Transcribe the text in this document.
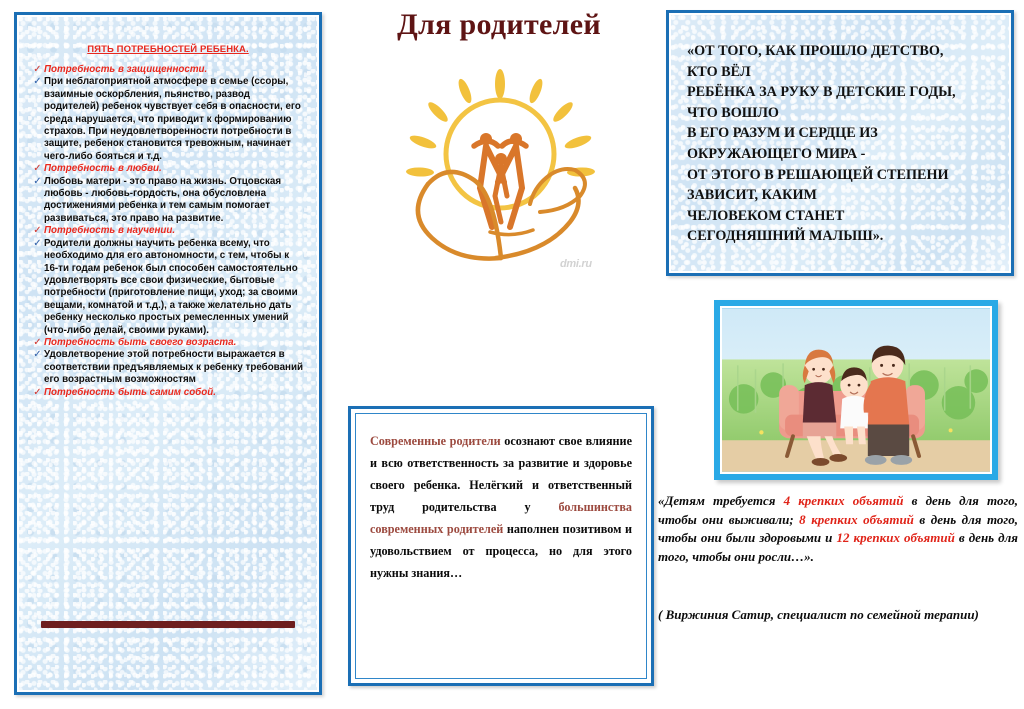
ПЯТЬ ПОТРЕБНОСТЕЙ РЕБЕНКА.
✓ Потребность в защищенности.
✓ При неблагоприятной атмосфере в семье (ссоры, взаимные оскорбления, пьянство, развод родителей) ребенок чувствует себя в опасности, его среда нарушается, что приводит к формированию страхов. При неудовлетворенности потребности в защите, ребенок становится тревожным, начинает чего-либо бояться и т.д.
✓ Потребность в любви.
✓ Любовь матери - это право на жизнь. Отцовская любовь - любовь-гордость, она обусловлена достижениями ребенка и тем самым помогает развиваться, это право на развитие.
✓ Потребность в научении.
✓ Родители должны научить ребенка всему, что необходимо для его автономности, с тем, чтобы к 16-ти годам ребенок был способен самостоятельно удовлетворять все свои физические, бытовые потребности (приготовление пищи, уход; за своими вещами, комнатой и т.д.), а также желательно дать ребенку несколько простых ремесленных умений (что-либо делай, своими руками).
✓ Потребность быть своего возраста.
✓ Удовлетворение этой потребности выражается в соответствии предъявляемых к ребенку требований его возрастным возможностям
✓ Потребность быть самим собой.
Для родителей
dmi.ru

Современные родители осознают свое влияние и всю ответственность за развитие и здоровье своего ребенка. Нелёгкий и ответственный труд родительства у большинства современных родителей наполнен позитивом и удовольствием от процесса, но для этого нужны знания…

«ОТ ТОГО, КАК ПРОШЛО ДЕТСТВО,
КТО ВЁЛ
РЕБЁНКА ЗА РУКУ В ДЕТСКИЕ ГОДЫ,
ЧТО ВОШЛО
В ЕГО РАЗУМ И СЕРДЦЕ ИЗ
ОКРУЖАЮЩЕГО МИРА -
ОТ ЭТОГО В РЕШАЮЩЕЙ СТЕПЕНИ
ЗАВИСИТ, КАКИМ
ЧЕЛОВЕКОМ СТАНЕТ
СЕГОДНЯШНИЙ МАЛЫШ».
«Детям требуется 4 крепких объятий в день для того, чтобы они выживали; 8 крепких объятий в день для того, чтобы они были здоровыми и 12 крепких объятий в день для того, чтобы они росли…».
( Виржиния Сатир, специалист по семейной терапии)
